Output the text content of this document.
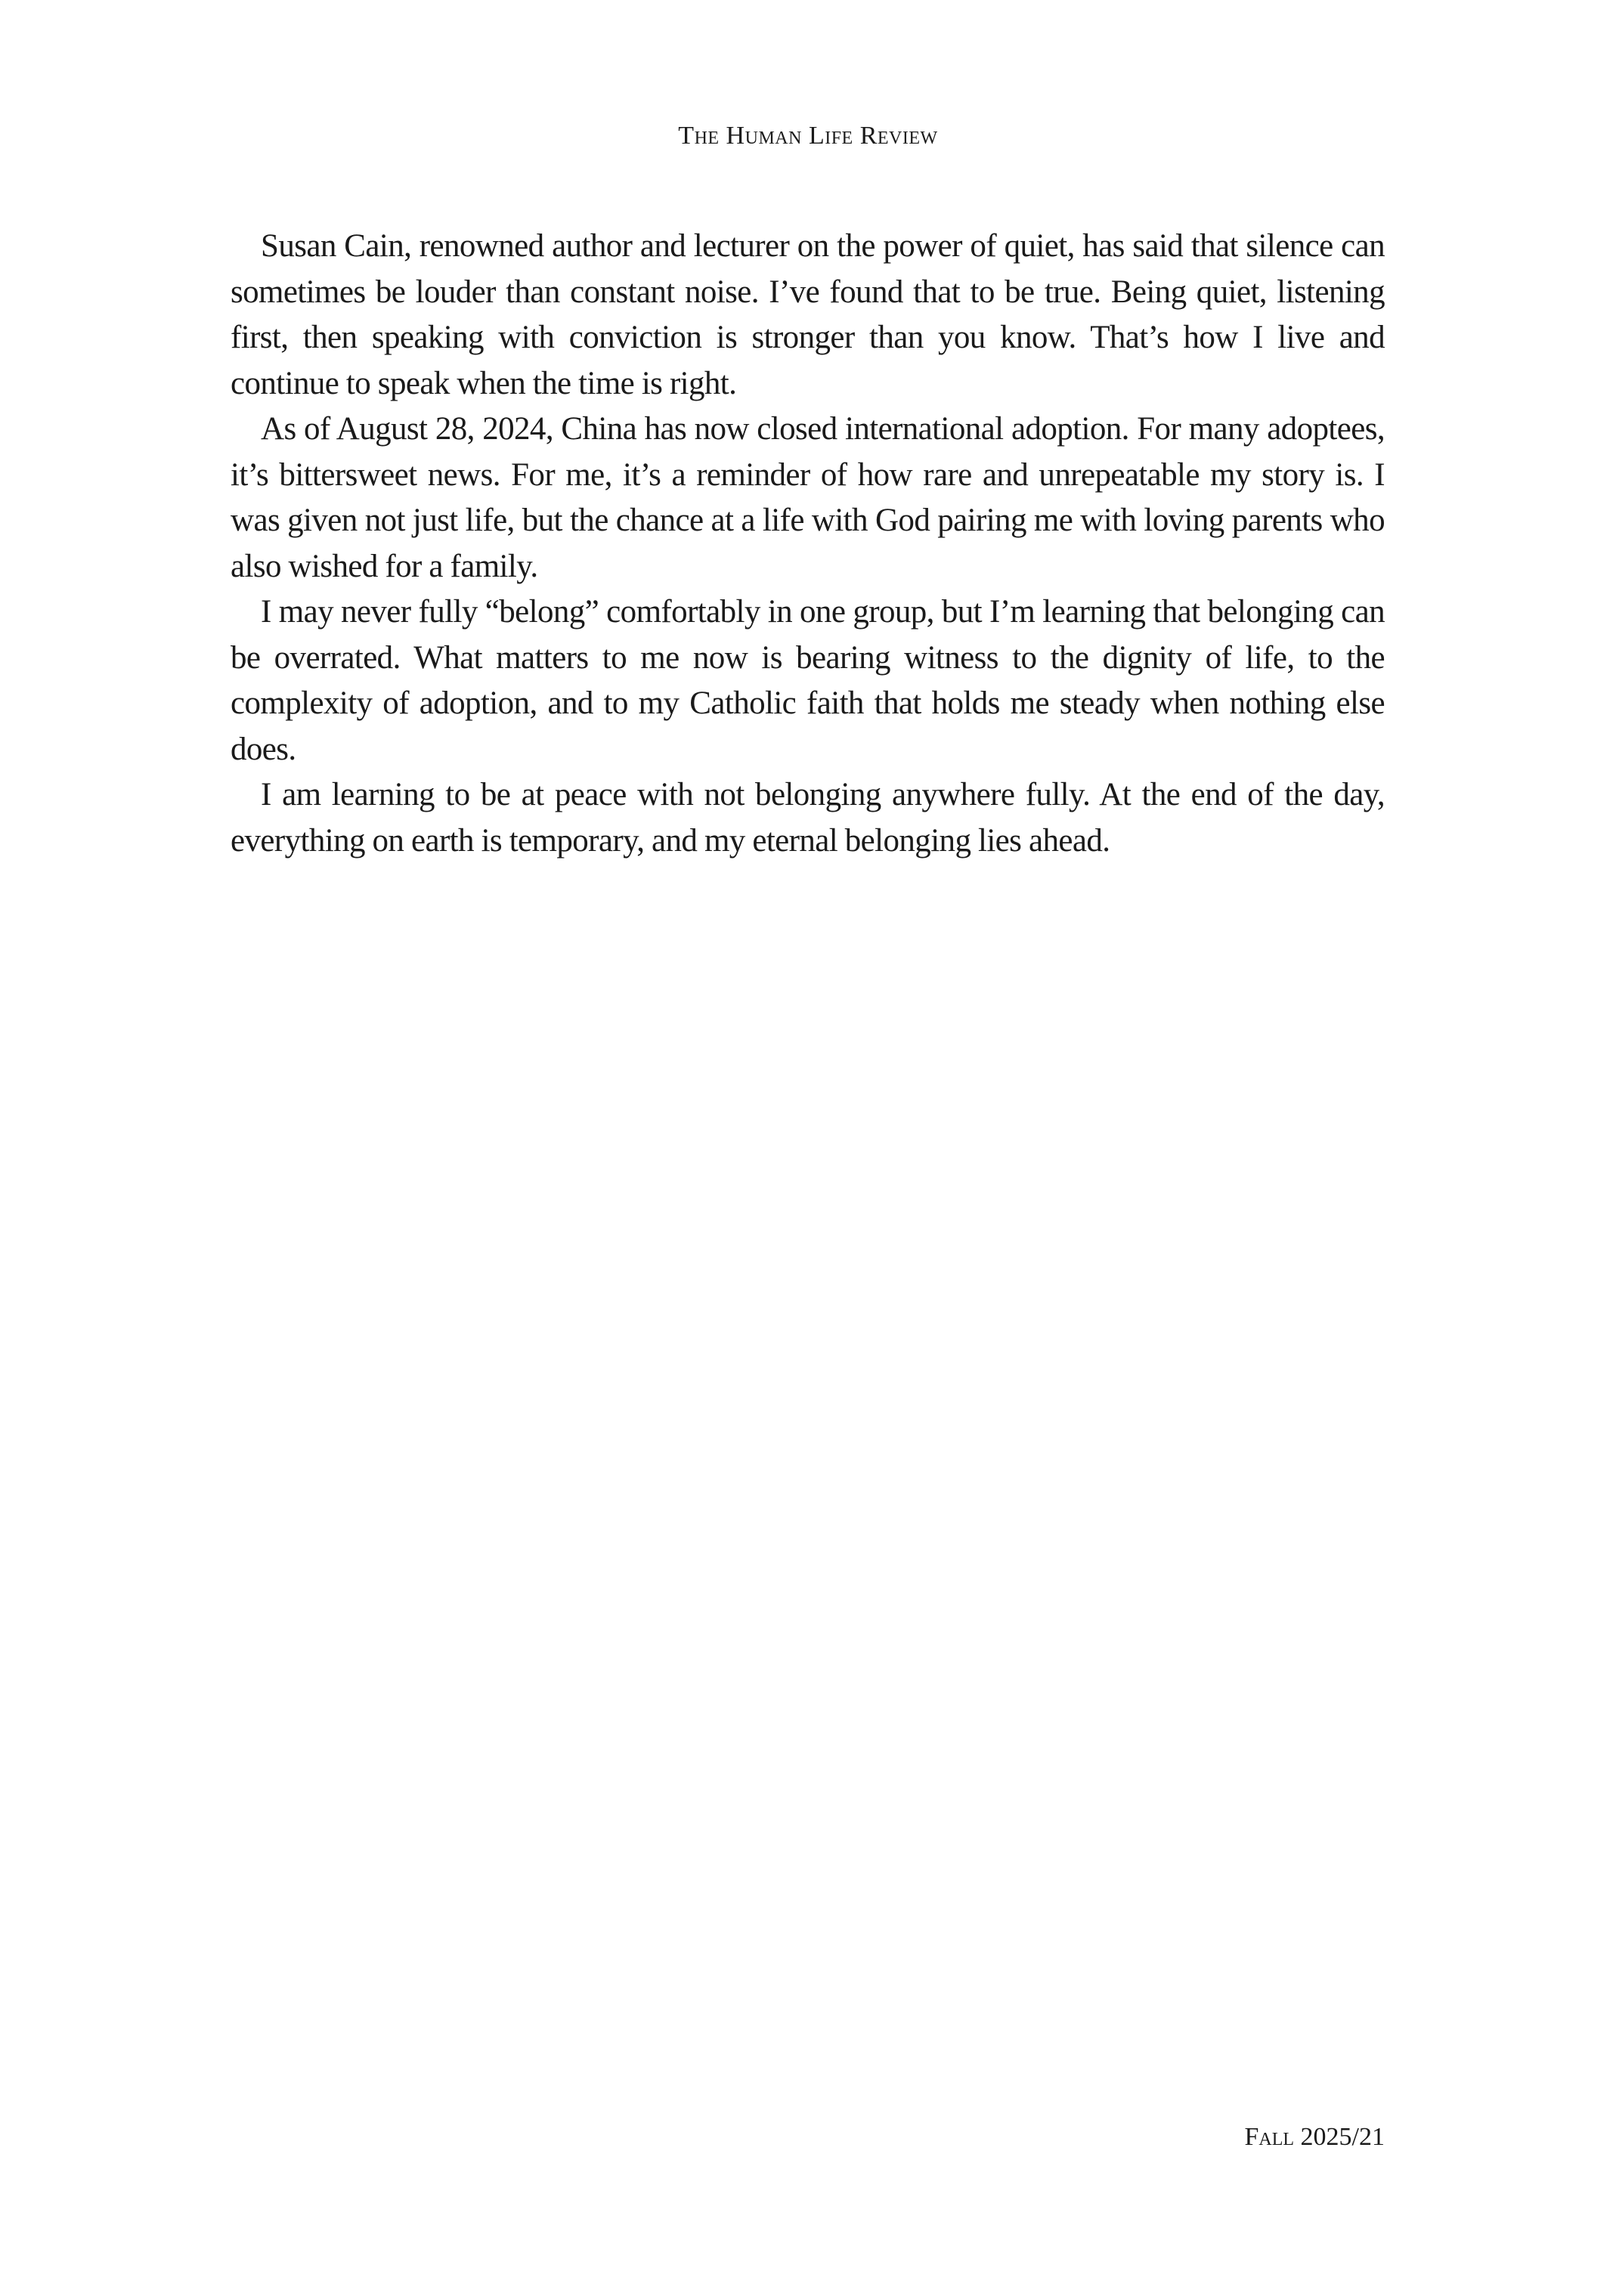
The Human Life Review

Susan Cain, renowned author and lecturer on the power of quiet, has said that silence can sometimes be louder than constant noise. I’ve found that to be true. Being quiet, listening first, then speaking with conviction is stronger than you know. That’s how I live and continue to speak when the time is right.

As of August 28, 2024, China has now closed international adoption. For many adoptees, it’s bittersweet news. For me, it’s a reminder of how rare and unrepeatable my story is. I was given not just life, but the chance at a life with God pairing me with loving parents who also wished for a family.

I may never fully “belong” comfortably in one group, but I’m learning that belonging can be overrated. What matters to me now is bearing witness to the dignity of life, to the complexity of adoption, and to my Catholic faith that holds me steady when nothing else does.

I am learning to be at peace with not belonging anywhere fully. At the end of the day, everything on earth is temporary, and my eternal belonging lies ahead.

Fall 2025/21
